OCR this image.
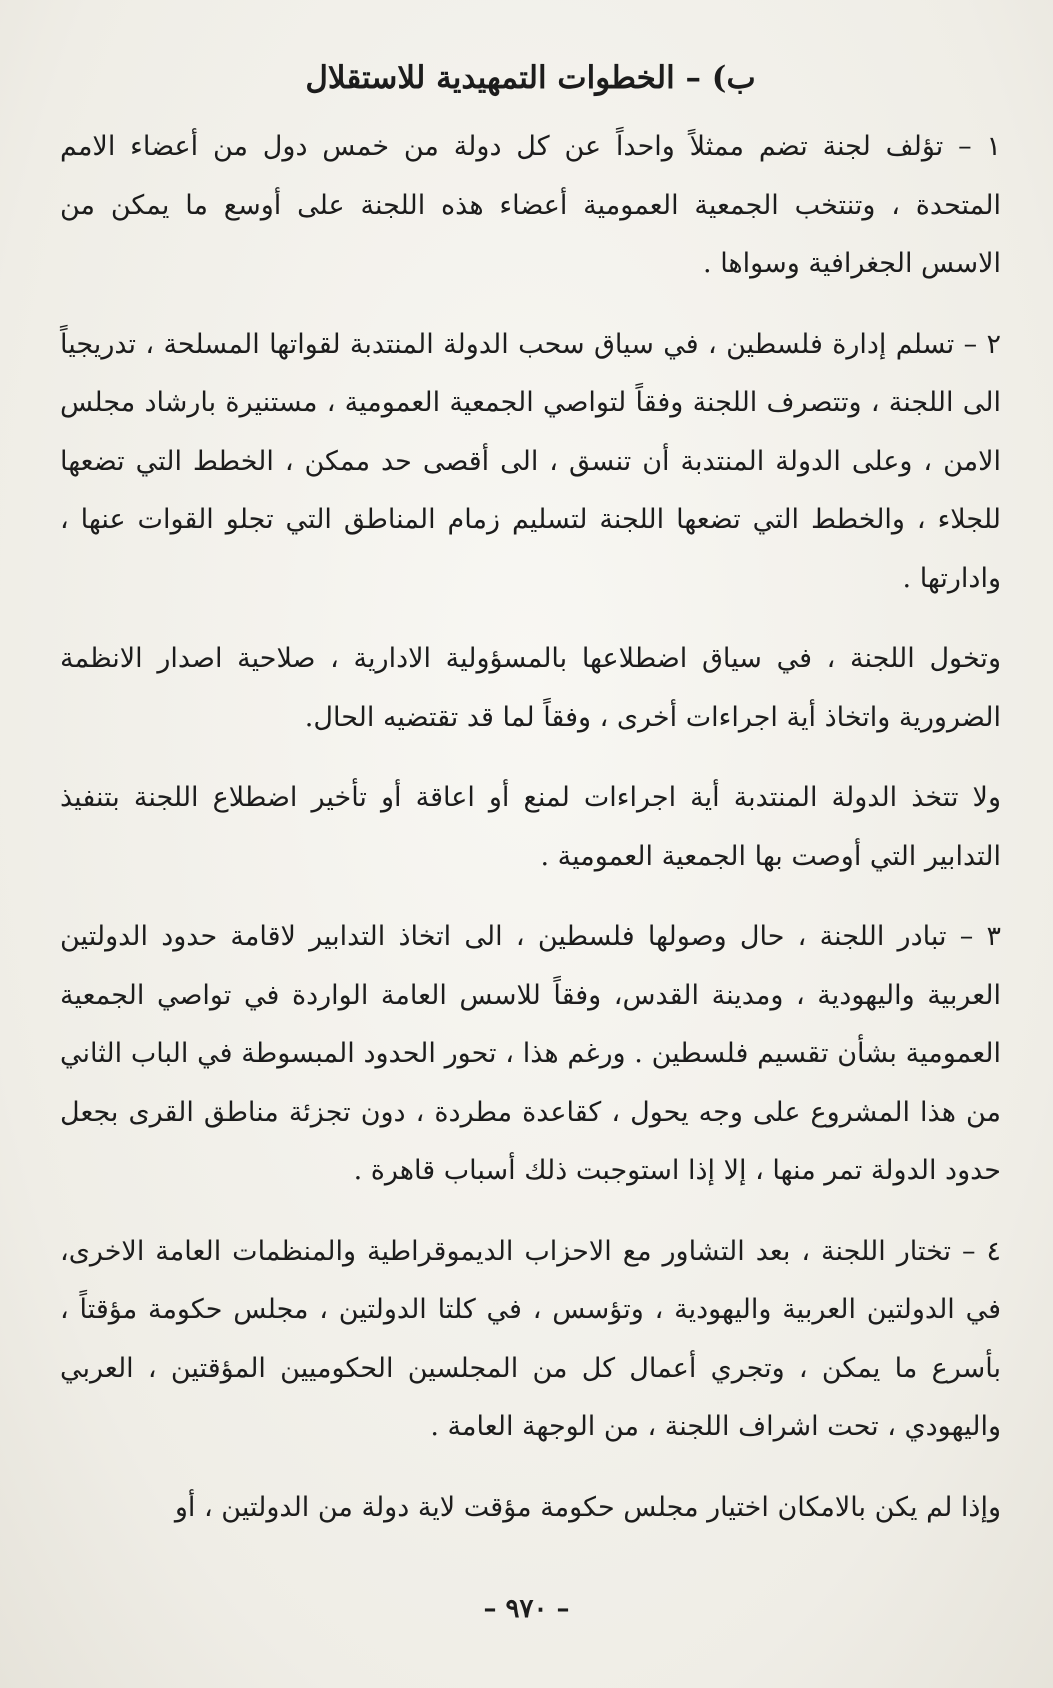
ب) – الخطوات التمهيدية للاستقلال

١ – تؤلف لجنة تضم ممثلاً واحداً عن كل دولة من خمس دول من أعضاء الامم المتحدة ، وتنتخب الجمعية العمومية أعضاء هذه اللجنة على أوسع ما يمكن من الاسس الجغرافية وسواها .

٢ – تسلم إدارة فلسطين ، في سياق سحب الدولة المنتدبة لقواتها المسلحة ، تدريجياً الى اللجنة ، وتتصرف اللجنة وفقاً لتواصي الجمعية العمومية ، مستنيرة بارشاد مجلس الامن ، وعلى الدولة المنتدبة أن تنسق ، الى أقصى حد ممكن ، الخطط التي تضعها للجلاء ، والخطط التي تضعها اللجنة لتسليم زمام المناطق التي تجلو القوات عنها ، وادارتها .

وتخول اللجنة ، في سياق اضطلاعها بالمسؤولية الادارية ، صلاحية اصدار الانظمة الضرورية واتخاذ أية اجراءات أخرى ، وفقاً لما قد تقتضيه الحال.

ولا تتخذ الدولة المنتدبة أية اجراءات لمنع أو اعاقة أو تأخير اضطلاع اللجنة بتنفيذ التدابير التي أوصت بها الجمعية العمومية .

٣ – تبادر اللجنة ، حال وصولها فلسطين ، الى اتخاذ التدابير لاقامة حدود الدولتين العربية واليهودية ، ومدينة القدس، وفقاً للاسس العامة الواردة في تواصي الجمعية العمومية بشأن تقسيم فلسطين . ورغم هذا ، تحور الحدود المبسوطة في الباب الثاني من هذا المشروع على وجه يحول ، كقاعدة مطردة ، دون تجزئة مناطق القرى بجعل حدود الدولة تمر منها ، إلا إذا استوجبت ذلك أسباب قاهرة .

٤ – تختار اللجنة ، بعد التشاور مع الاحزاب الديموقراطية والمنظمات العامة الاخرى، في الدولتين العربية واليهودية ، وتؤسس ، في كلتا الدولتين ، مجلس حكومة مؤقتاً ، بأسرع ما يمكن ، وتجري أعمال كل من المجلسين الحكوميين المؤقتين ، العربي واليهودي ، تحت اشراف اللجنة ، من الوجهة العامة .

وإذا لم يكن بالامكان اختيار مجلس حكومة مؤقت لاية دولة من الدولتين ، أو

– ٩٧٠ –
